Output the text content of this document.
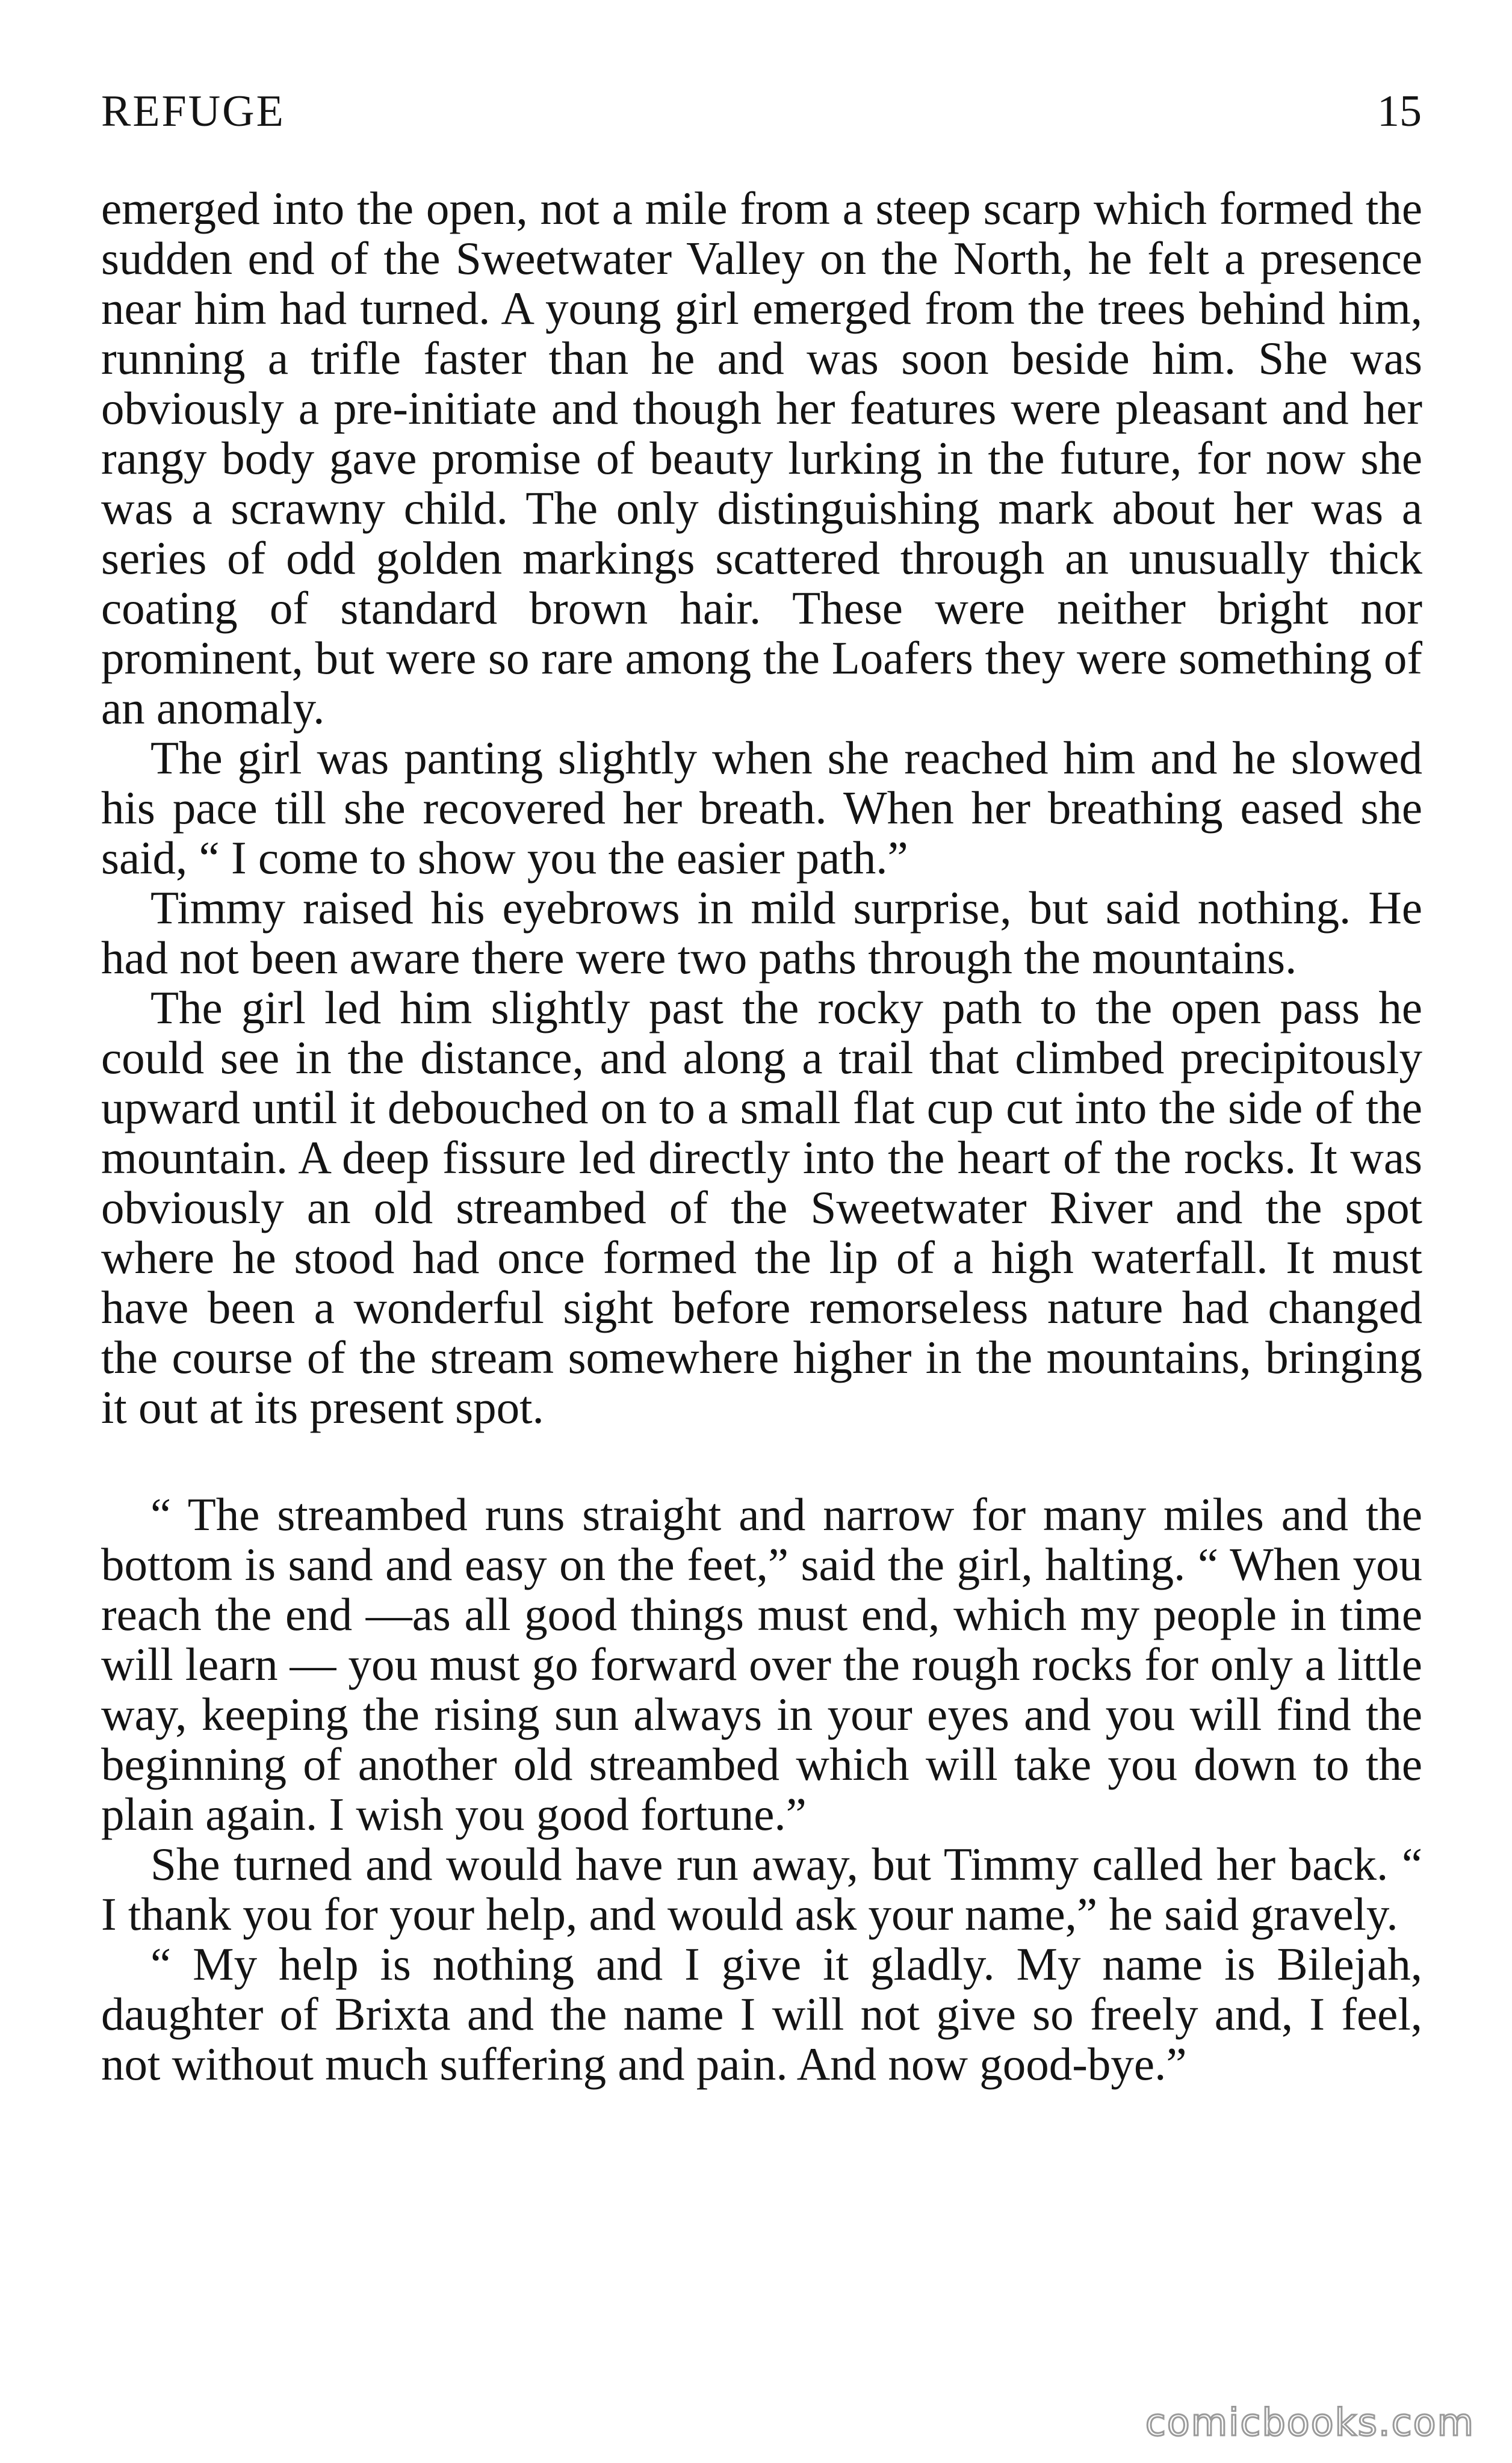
REFUGE	15

emerged into the open, not a mile from a steep scarp which formed the sudden end of the Sweetwater Valley on the North, he felt a presence near him had turned. A young girl emerged from the trees behind him, running a trifle faster than he and was soon beside him. She was obviously a pre-initiate and though her features were pleasant and her rangy body gave promise of beauty lurking in the future, for now she was a scrawny child. The only distinguishing mark about her was a series of odd golden markings scattered through an unusually thick coating of standard brown hair. These were neither bright nor prominent, but were so rare among the Loafers they were something of an anomaly.

The girl was panting slightly when she reached him and he slowed his pace till she recovered her breath. When her breathing eased she said, “ I come to show you the easier path.”

Timmy raised his eyebrows in mild surprise, but said nothing. He had not been aware there were two paths through the mountains.

The girl led him slightly past the rocky path to the open pass he could see in the distance, and along a trail that climbed precipitously upward until it debouched on to a small flat cup cut into the side of the mountain. A deep fissure led directly into the heart of the rocks. It was obviously an old streambed of the Sweetwater River and the spot where he stood had once formed the lip of a high waterfall. It must have been a wonderful sight before remorseless nature had changed the course of the stream somewhere higher in the mountains, bringing it out at its present spot.

“ The streambed runs straight and narrow for many miles and the bottom is sand and easy on the feet,” said the girl, halting. “ When you reach the end —as all good things must end, which my people in time will learn — you must go forward over the rough rocks for only a little way, keeping the rising sun always in your eyes and you will find the beginning of another old streambed which will take you down to the plain again. I wish you good fortune.”

She turned and would have run away, but Timmy called her back. “ I thank you for your help, and would ask your name,” he said gravely.

“ My help is nothing and I give it gladly. My name is Bilejah, daughter of Brixta and the name I will not give so freely and, I feel, not without much suffering and pain. And now good-bye.”

comicbooks.com
